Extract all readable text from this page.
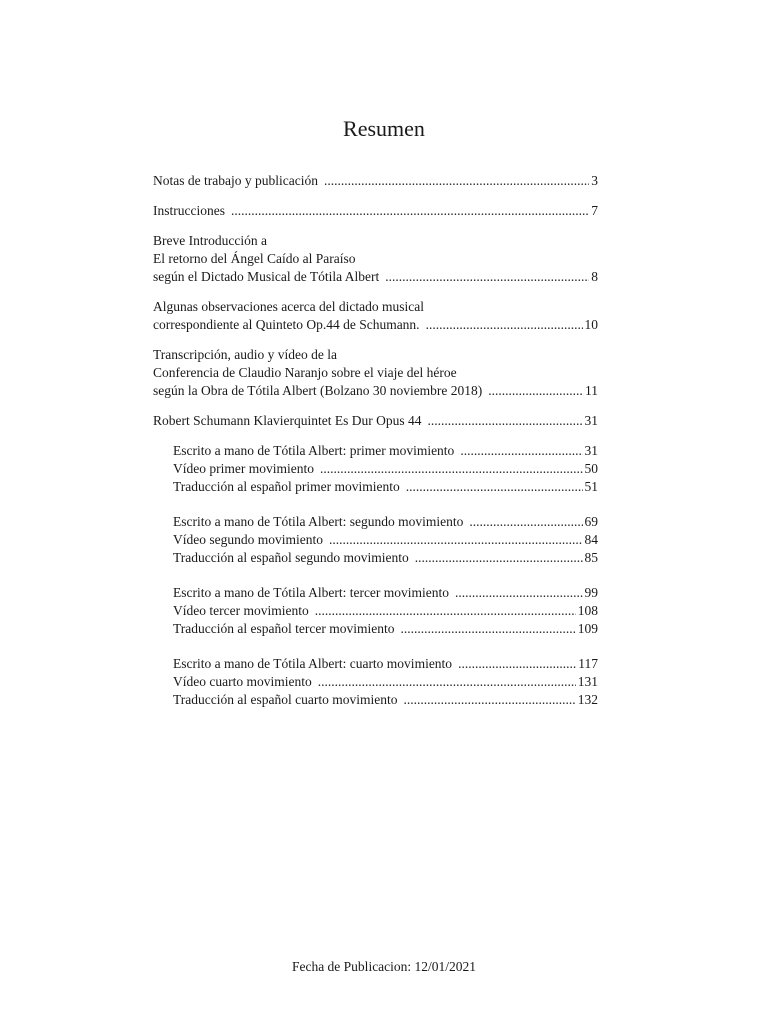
Resumen
Notas de trabajo y publicación .....	3
Instrucciones .....	7
Breve Introducción a
El retorno del Ángel Caído al Paraíso
según el Dictado Musical de Tótila Albert .....	8
Algunas observaciones acerca del dictado musical
correspondiente al Quinteto Op.44 de Schumann. .....	10
Transcripción, audio y vídeo de la
Conferencia de Claudio Naranjo sobre el viaje del héroe
según la Obra de Tótila Albert (Bolzano 30 noviembre 2018) .....	11
Robert Schumann Klavierquintet Es Dur Opus 44 .....	31
Escrito a mano de Tótila Albert: primer movimiento .....	31
Vídeo primer movimiento .....	50
Traducción al español primer movimiento .....	51
Escrito a mano de Tótila Albert: segundo movimiento .....	69
Vídeo segundo movimiento .....	84
Traducción al español segundo movimiento .....	85
Escrito a mano de Tótila Albert: tercer movimiento .....	99
Vídeo tercer movimiento .....	108
Traducción al español tercer movimiento .....	109
Escrito a mano de Tótila Albert: cuarto movimiento .....	117
Vídeo cuarto movimiento .....	131
Traducción al español cuarto movimiento .....	132
Fecha de Publicacion: 12/01/2021
